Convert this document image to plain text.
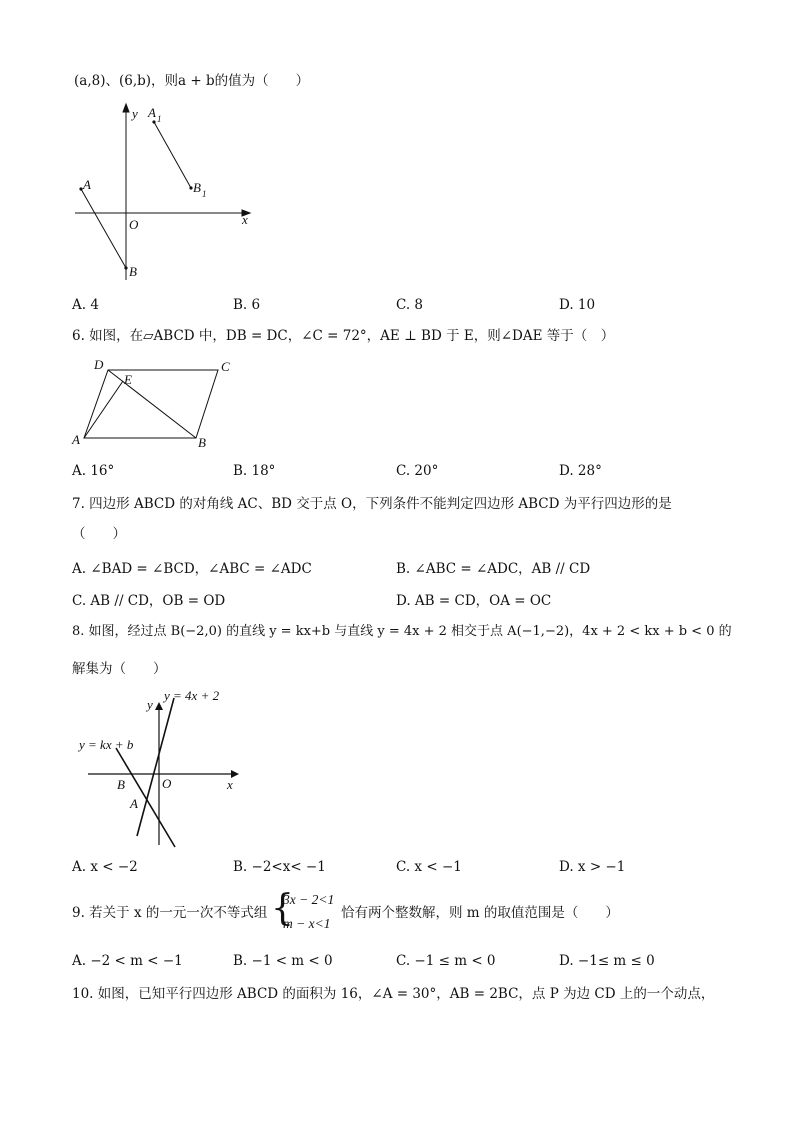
(a,8)、(6,b)，则a + b的值为（　　）
y
x
O
A
B
A 1
B 1
A. 4	B. 6	C. 8	D. 10
6. 如图，在▱ABCD 中，DB = DC，∠C = 72°，AE ⊥ BD 于 E，则∠DAE 等于（　）
D
E
C
A	B
A. 16°	B. 18°	C. 20°	D. 28°
7. 四边形 ABCD 的对角线 AC、BD 交于点 O，下列条件不能判定四边形 ABCD 为平行四边形的是
（　　）
A. ∠BAD = ∠BCD，∠ABC = ∠ADC	B. ∠ABC = ∠ADC，AB // CD
C. AB // CD，OB = OD	D. AB = CD，OA = OC
8. 如图，经过点 B(−2,0) 的直线 y = kx+b 与直线 y = 4x + 2 相交于点 A(−1,−2)，4x + 2 < kx + b < 0 的
解集为（　　）
y = 4x + 2
y = kx + b
y
x
O
B
A
A. x < −2	B. −2<x< −1	C. x < −1	D. x > −1
9. 若关于 x 的一元一次不等式组 {
3x − 2<1
m − x<1
恰有两个整数解，则 m 的取值范围是（　　）
A. −2 < m < −1	B. −1 < m < 0	C. −1 ≤ m < 0	D. −1≤ m ≤ 0
10. 如图，已知平行四边形 ABCD 的面积为 16，∠A = 30°，AB = 2BC，点 P 为边 CD 上的一个动点，
